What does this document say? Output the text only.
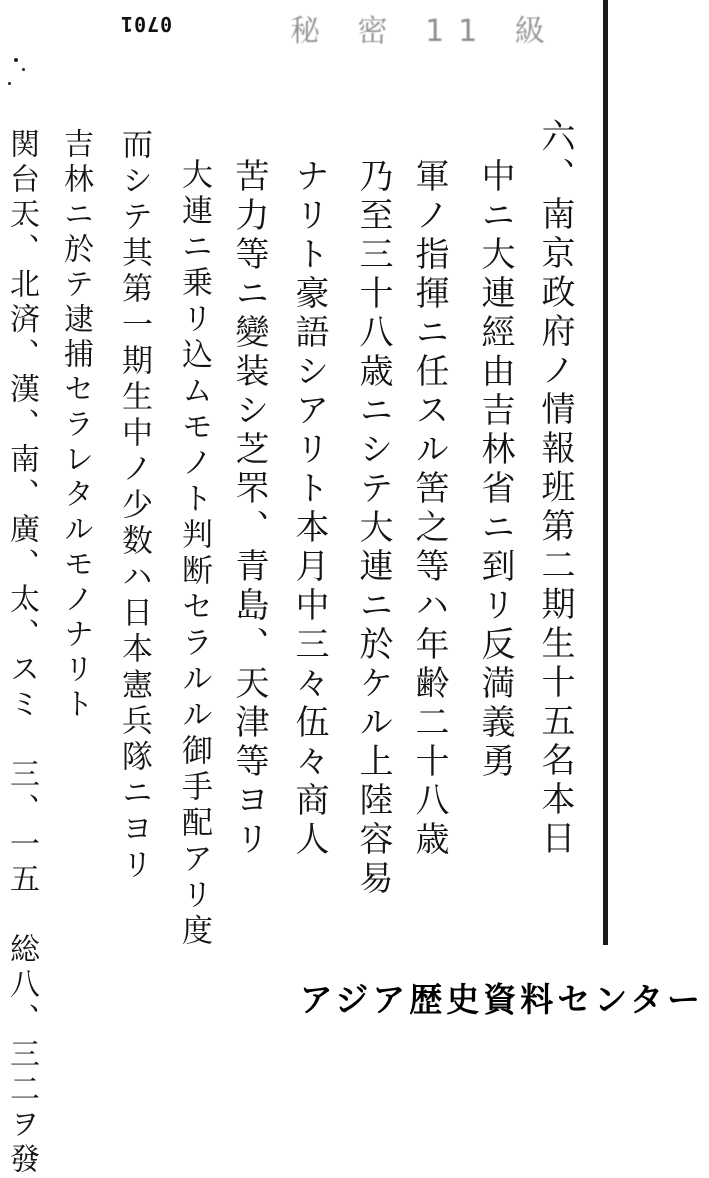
0701	秘 密 11 級
六、南京政府ノ情報班第二期生十五名本日
中ニ大連經由吉林省ニ到リ反満義勇
軍ノ指揮ニ任スル筈之等ハ年齢二十八歳
乃至三十八歳ニシテ大連ニ於ケル上陸容易
ナリト豪語シアリト本月中三々伍々商人
苦力等ニ變装シ芝罘、青島、天津等ヨリ
大連ニ乗リ込ムモノト判断セラルル御手配アリ度
而シテ其第一期生中ノ少数ハ日本憲兵隊ニヨリ
吉林ニ於テ逮捕セラレタルモノナリト
関台天、北済、漢、南、廣、太、スミ　三、一五　総八、三二ヲ發	アジア歴史資料センター
